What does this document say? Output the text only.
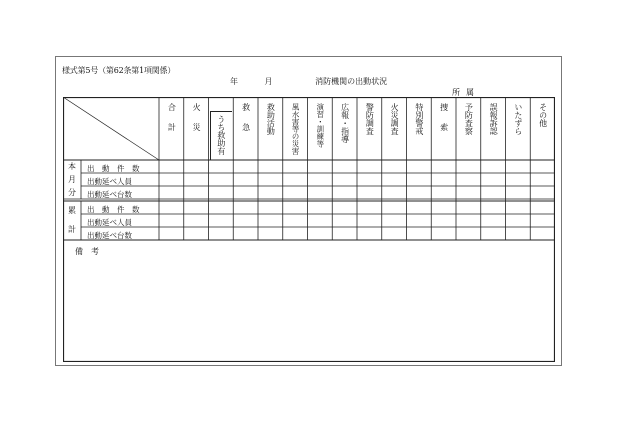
様式第5号（第62条第1項関係）
年	月	消防機関の出動状況
所属
合計 火災 うち救助有 救急 救助活動 風水害等の災害 演習・訓練等 広報・指導 警防調査 火災調査 特別警戒 捜索 予防査察 誤報訴認 いたずら その他
本
月
分
出　動　件　数
出動延べ人員
出動延べ台数
累
計
出　動　件　数
出動延べ人員
出動延べ台数
備　考
